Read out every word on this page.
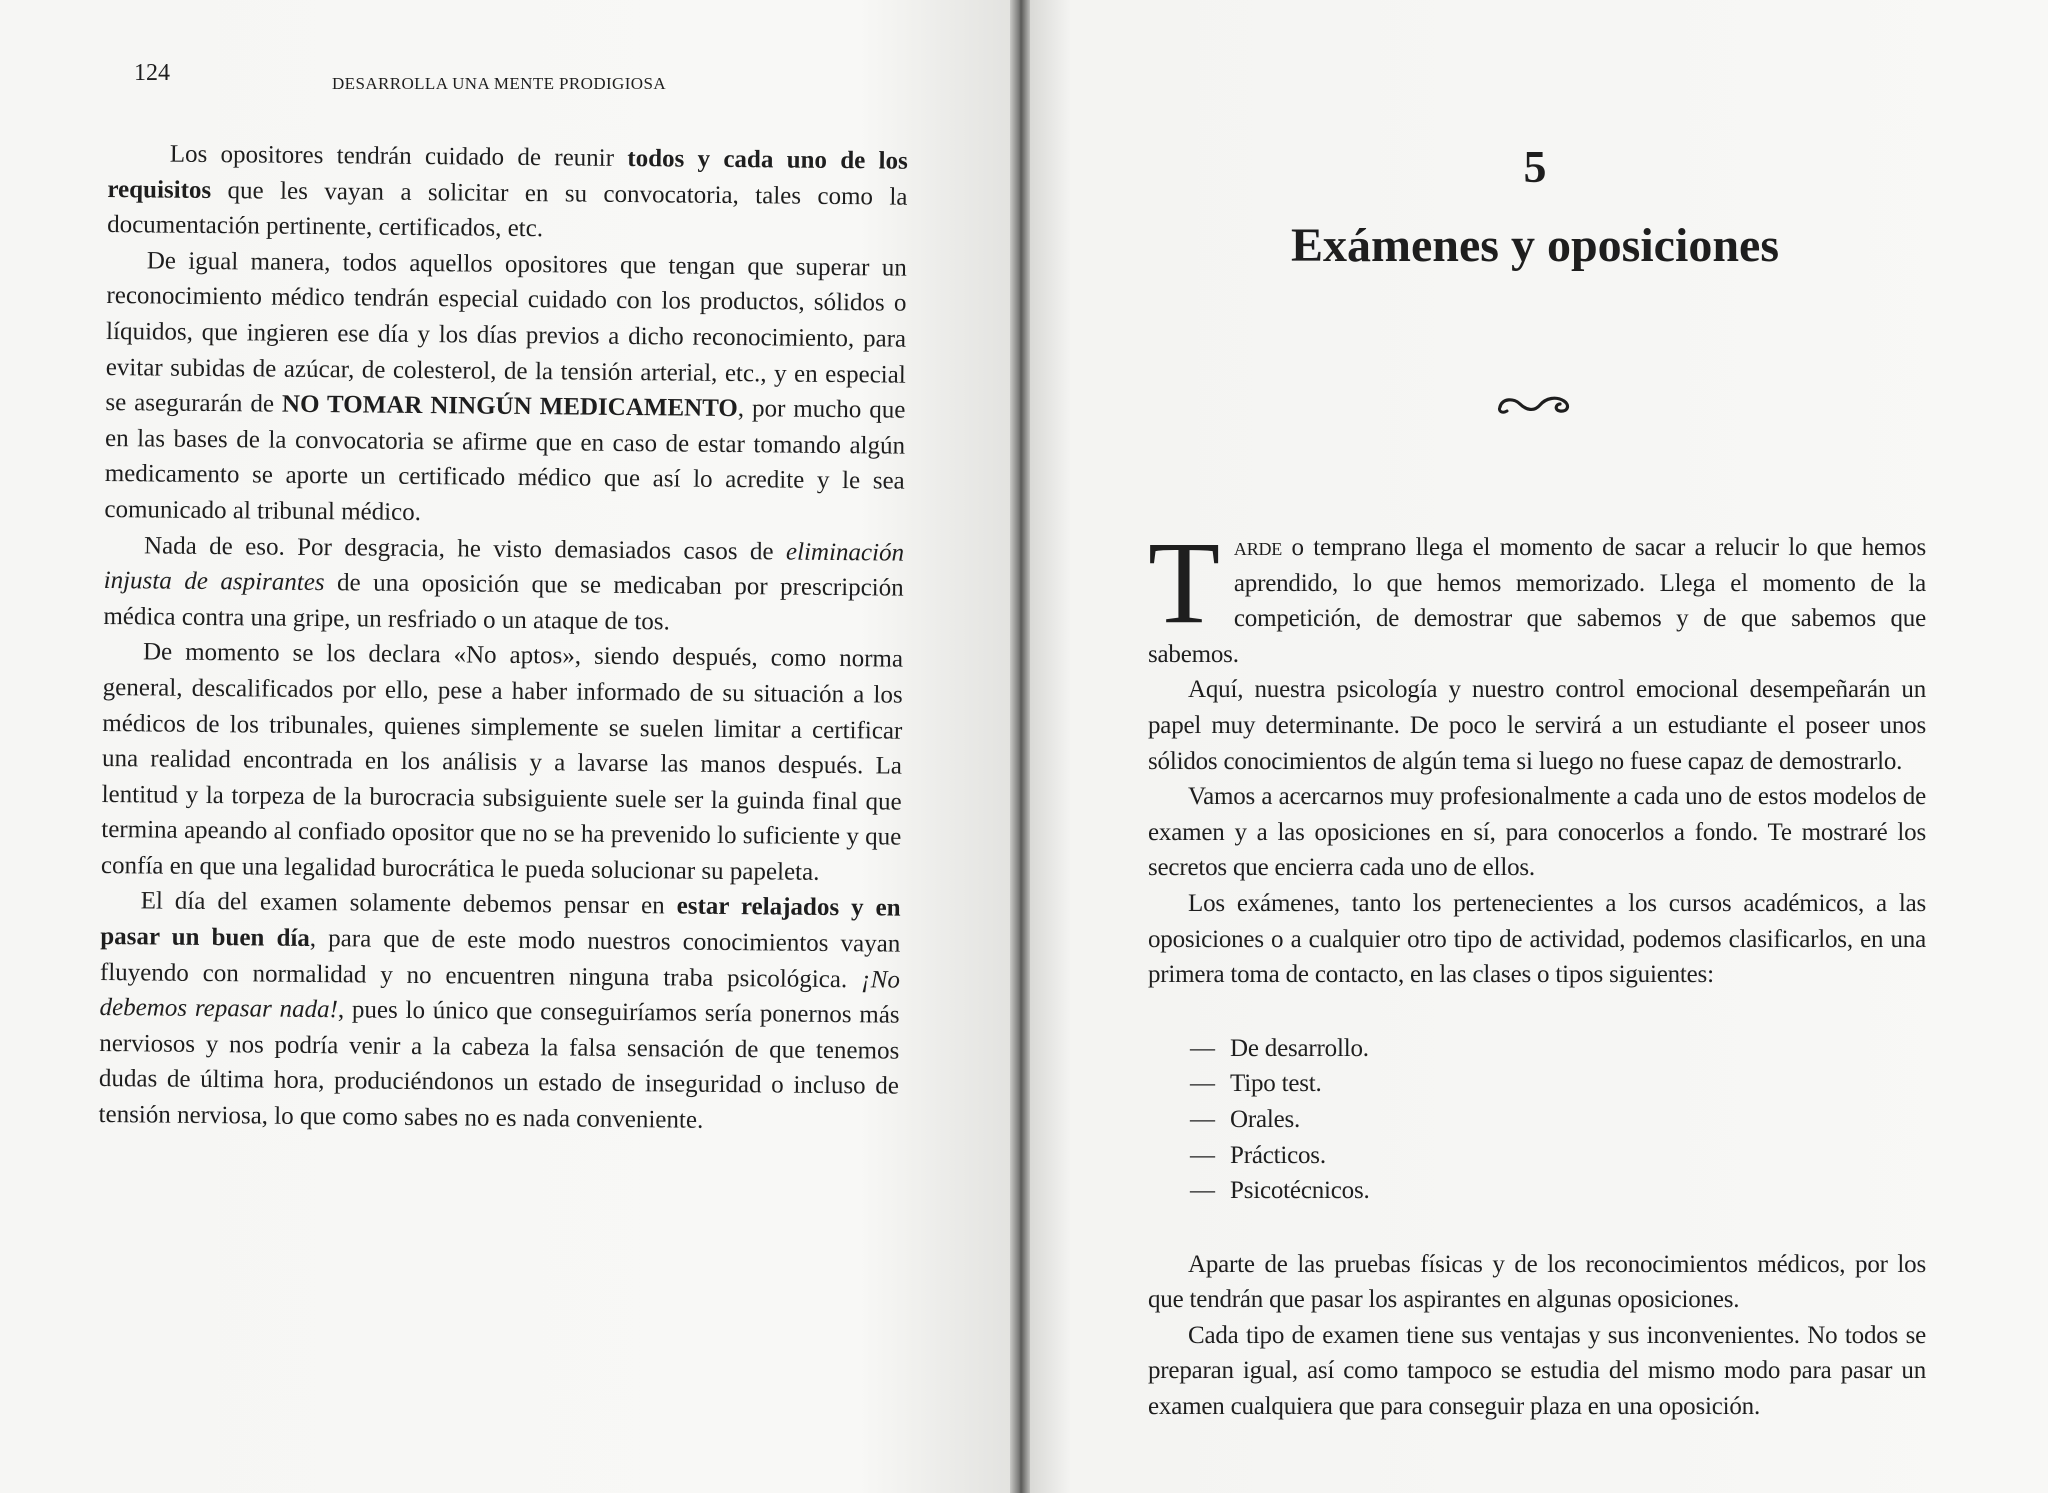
124	DESARROLLA UNA MENTE PRODIGIOSA

Los opositores tendrán cuidado de reunir todos y cada uno de los requisitos que les vayan a solicitar en su convocatoria, tales como la documentación pertinente, certificados, etc.

De igual manera, todos aquellos opositores que tengan que superar un reconocimiento médico tendrán especial cuidado con los productos, sólidos o líquidos, que ingieren ese día y los días previos a dicho reconocimiento, para evitar subidas de azúcar, de colesterol, de la tensión arterial, etc., y en especial se asegurarán de NO TOMAR NINGÚN MEDICAMENTO, por mucho que en las bases de la convocatoria se afirme que en caso de estar tomando algún medicamento se aporte un certificado médico que así lo acredite y le sea comunicado al tribunal médico.

Nada de eso. Por desgracia, he visto demasiados casos de eliminación injusta de aspirantes de una oposición que se medicaban por prescripción médica contra una gripe, un resfriado o un ataque de tos.

De momento se los declara «No aptos», siendo después, como norma general, descalificados por ello, pese a haber informado de su situación a los médicos de los tribunales, quienes simplemente se suelen limitar a certificar una realidad encontrada en los análisis y a lavarse las manos después. La lentitud y la torpeza de la burocracia subsiguiente suele ser la guinda final que termina apeando al confiado opositor que no se ha prevenido lo suficiente y que confía en que una legalidad burocrática le pueda solucionar su papeleta.

El día del examen solamente debemos pensar en estar relajados y en pasar un buen día, para que de este modo nuestros conocimientos vayan fluyendo con normalidad y no encuentren ninguna traba psicológica. ¡No debemos repasar nada!, pues lo único que conseguiríamos sería ponernos más nerviosos y nos podría venir a la cabeza la falsa sensación de que tenemos dudas de última hora, produciéndonos un estado de inseguridad o incluso de tensión nerviosa, lo que como sabes no es nada conveniente.

5
Exámenes y oposiciones

Tarde o temprano llega el momento de sacar a relucir lo que hemos aprendido, lo que hemos memorizado. Llega el momento de la competición, de demostrar que sabemos y de que sabemos que sabemos.

Aquí, nuestra psicología y nuestro control emocional desempeñarán un papel muy determinante. De poco le servirá a un estudiante el poseer unos sólidos conocimientos de algún tema si luego no fuese capaz de demostrarlo.

Vamos a acercarnos muy profesionalmente a cada uno de estos modelos de examen y a las oposiciones en sí, para conocerlos a fondo. Te mostraré los secretos que encierra cada uno de ellos.

Los exámenes, tanto los pertenecientes a los cursos académicos, a las oposiciones o a cualquier otro tipo de actividad, podemos clasificarlos, en una primera toma de contacto, en las clases o tipos siguientes:

— De desarrollo.
— Tipo test.
— Orales.
— Prácticos.
— Psicotécnicos.

Aparte de las pruebas físicas y de los reconocimientos médicos, por los que tendrán que pasar los aspirantes en algunas oposiciones.

Cada tipo de examen tiene sus ventajas y sus inconvenientes. No todos se preparan igual, así como tampoco se estudia del mismo modo para pasar un examen cualquiera que para conseguir plaza en una oposición.
